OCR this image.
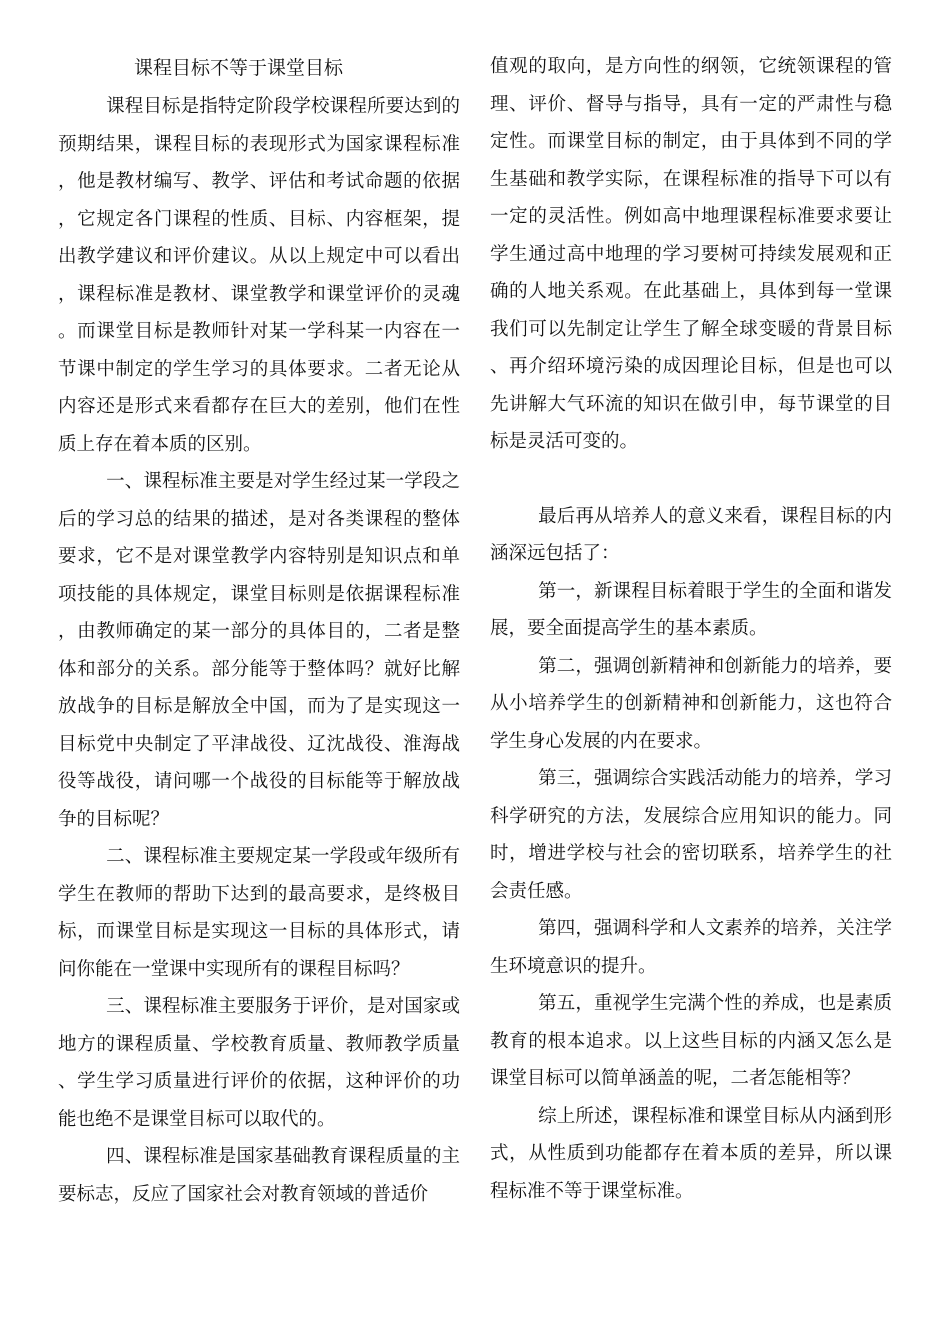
课程目标不等于课堂目标

课程目标是指特定阶段学校课程所要达到的预期结果，课程目标的表现形式为国家课程标准，他是教材编写、教学、评估和考试命题的依据，它规定各门课程的性质、目标、内容框架，提出教学建议和评价建议。从以上规定中可以看出，课程标准是教材、课堂教学和课堂评价的灵魂。而课堂目标是教师针对某一学科某一内容在一节课中制定的学生学习的具体要求。二者无论从内容还是形式来看都存在巨大的差别，他们在性质上存在着本质的区别。

一、课程标准主要是对学生经过某一学段之后的学习总的结果的描述，是对各类课程的整体要求，它不是对课堂教学内容特别是知识点和单项技能的具体规定，课堂目标则是依据课程标准，由教师确定的某一部分的具体目的，二者是整体和部分的关系。部分能等于整体吗？就好比解放战争的目标是解放全中国，而为了是实现这一目标党中央制定了平津战役、辽沈战役、淮海战役等战役，请问哪一个战役的目标能等于解放战争的目标呢？

二、课程标准主要规定某一学段或年级所有学生在教师的帮助下达到的最高要求，是终极目标，而课堂目标是实现这一目标的具体形式，请问你能在一堂课中实现所有的课程目标吗？

三、课程标准主要服务于评价，是对国家或地方的课程质量、学校教育质量、教师教学质量、学生学习质量进行评价的依据，这种评价的功能也绝不是课堂目标可以取代的。

四、课程标准是国家基础教育课程质量的主要标志，反应了国家社会对教育领域的普适价

值观的取向，是方向性的纲领，它统领课程的管理、评价、督导与指导，具有一定的严肃性与稳定性。而课堂目标的制定，由于具体到不同的学生基础和教学实际，在课程标准的指导下可以有一定的灵活性。例如高中地理课程标准要求要让学生通过高中地理的学习要树可持续发展观和正确的人地关系观。在此基础上，具体到每一堂课我们可以先制定让学生了解全球变暖的背景目标、再介绍环境污染的成因理论目标，但是也可以先讲解大气环流的知识在做引申，每节课堂的目标是灵活可变的。

最后再从培养人的意义来看，课程目标的内涵深远包括了：

第一，新课程目标着眼于学生的全面和谐发展，要全面提高学生的基本素质。

第二，强调创新精神和创新能力的培养，要从小培养学生的创新精神和创新能力，这也符合学生身心发展的内在要求。

第三，强调综合实践活动能力的培养，学习科学研究的方法，发展综合应用知识的能力。同时，增进学校与社会的密切联系，培养学生的社会责任感。

第四，强调科学和人文素养的培养，关注学生环境意识的提升。

第五，重视学生完满个性的养成，也是素质教育的根本追求。以上这些目标的内涵又怎么是课堂目标可以简单涵盖的呢，二者怎能相等？

综上所述，课程标准和课堂目标从内涵到形式，从性质到功能都存在着本质的差异，所以课程标准不等于课堂标准。
